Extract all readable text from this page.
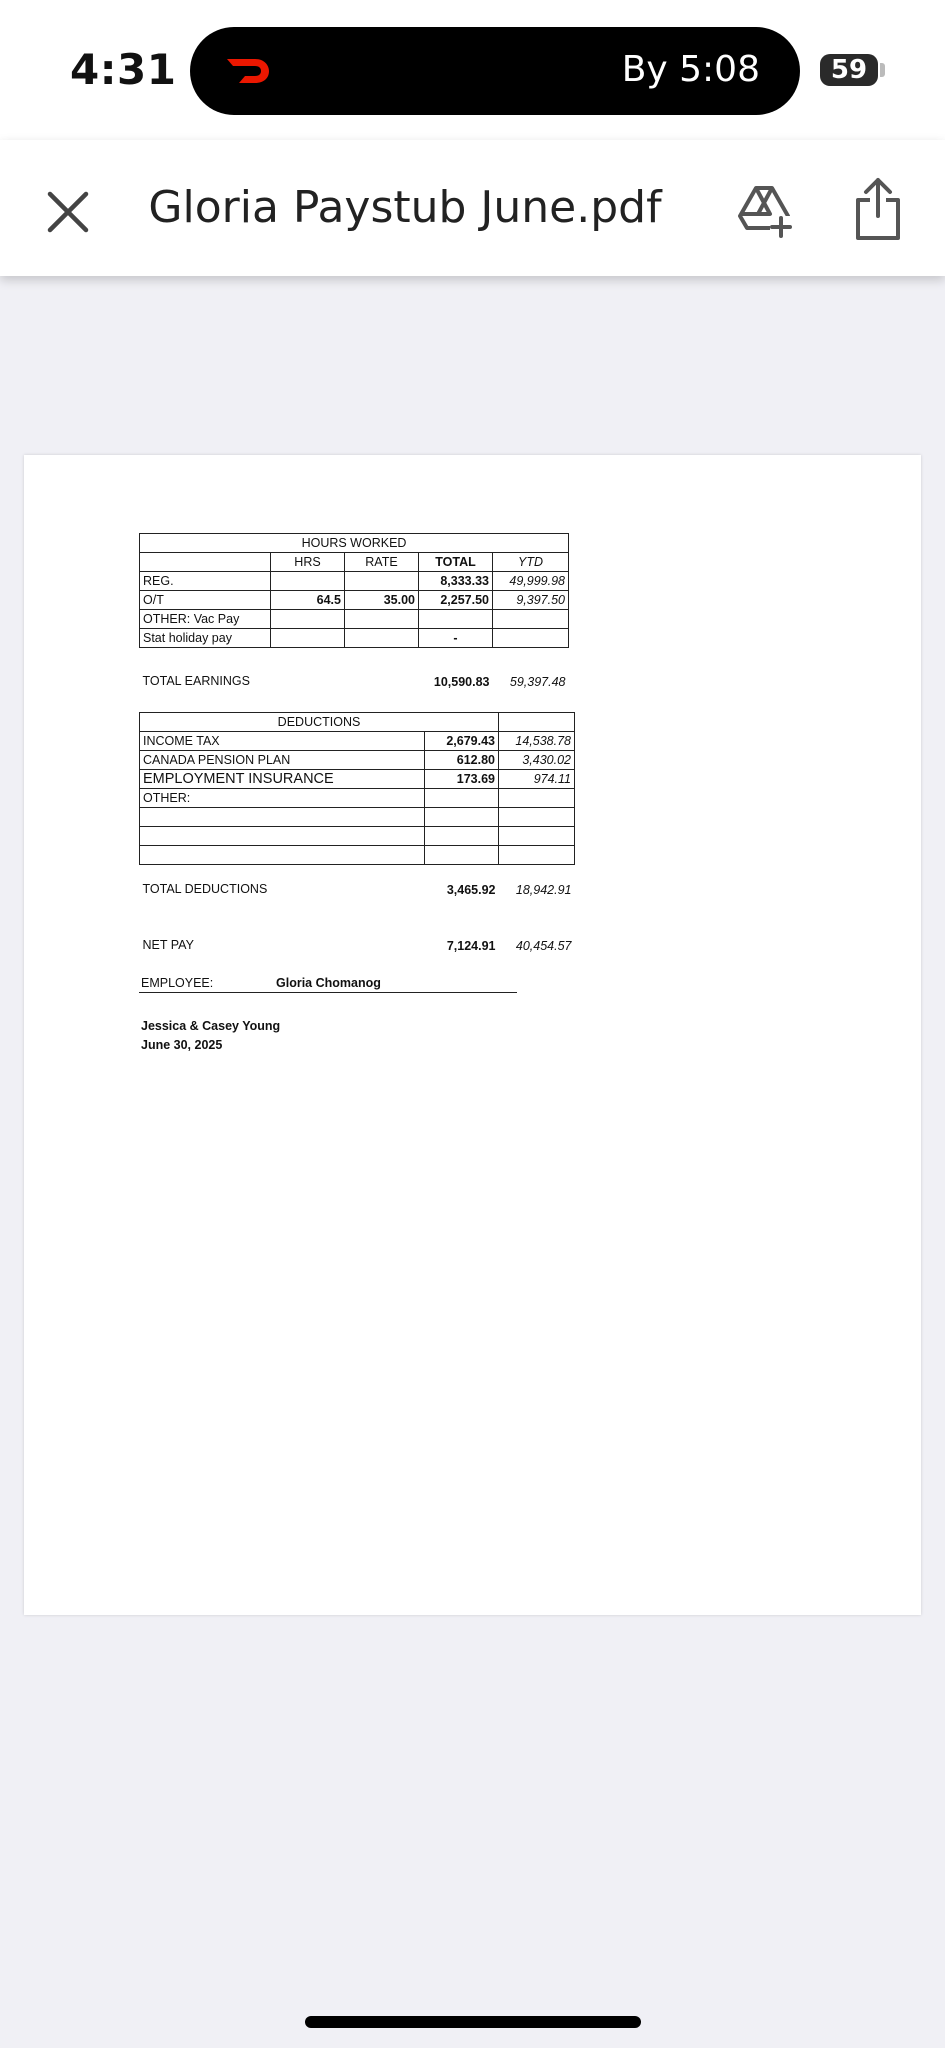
4:31	By 5:08	59
Gloria Paystub June.pdf
HOURS WORKED				
	HRS	RATE	TOTAL	YTD
REG.			8,333.33	49,999.98
O/T	64.5	35.00	2,257.50	9,397.50
OTHER: Vac Pay				
Stat holiday pay			-	

TOTAL EARNINGS			10,590.83	59,397.48
DEDUCTIONS		
INCOME TAX	2,679.43	14,538.78
CANADA PENSION PLAN	612.80	3,430.02
EMPLOYMENT INSURANCE	173.69	974.11
OTHER:		

TOTAL DEDUCTIONS	3,465.92	18,942.91

NET PAY	7,124.91	40,454.57
EMPLOYEE:	Gloria Chomanog
Jessica & Casey Young
June 30, 2025
